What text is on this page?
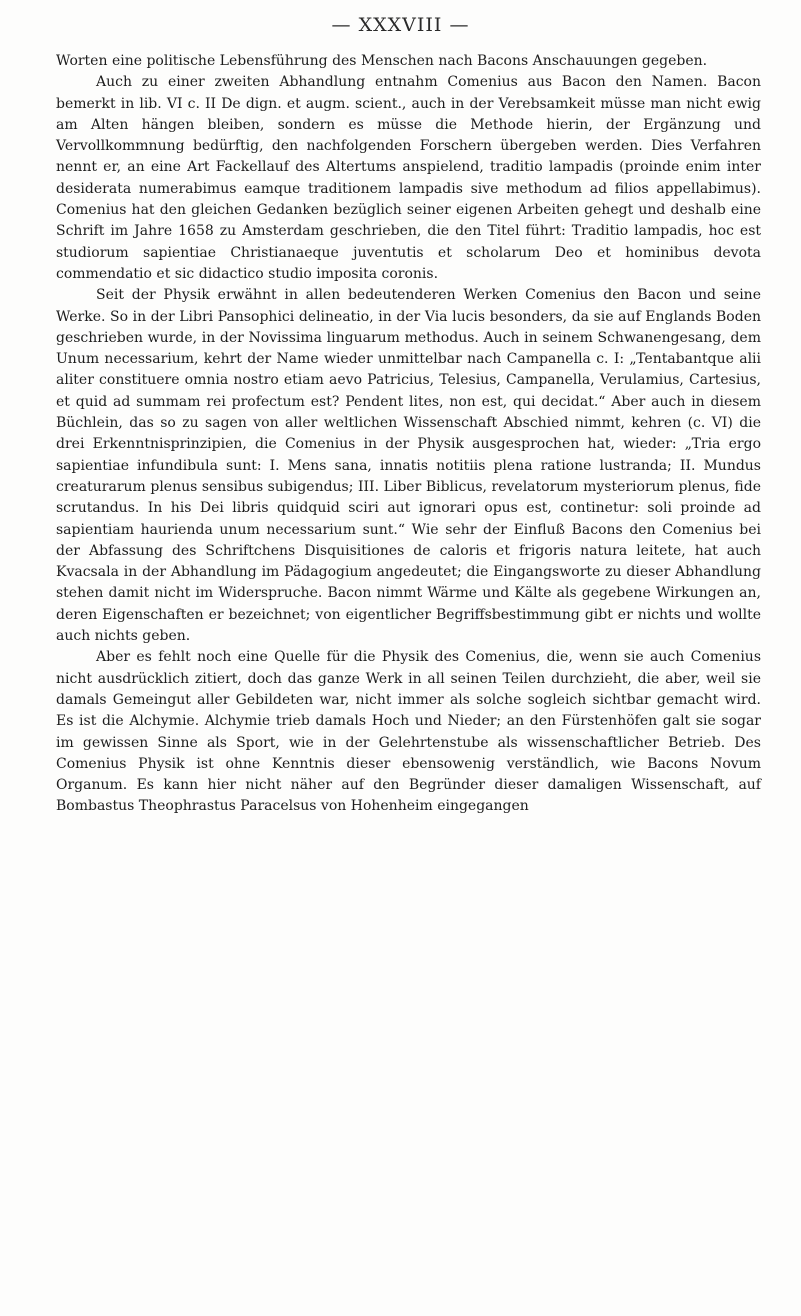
— XXXVIII —

Worten eine politische Lebensführung des Menschen nach Bacons Anschauungen gegeben.

Auch zu einer zweiten Abhandlung entnahm Comenius aus Bacon den Namen. Bacon bemerkt in lib. VI c. II De dign. et augm. scient., auch in der Verebsamkeit müsse man nicht ewig am Alten hängen bleiben, sondern es müsse die Methode hierin, der Ergänzung und Vervollkommnung bedürftig, den nachfolgenden Forschern übergeben werden. Dies Verfahren nennt er, an eine Art Fackellauf des Altertums anspielend, traditio lampadis (proinde enim inter desiderata numerabimus eamque traditionem lampadis sive methodum ad filios appellabimus). Comenius hat den gleichen Gedanken bezüglich seiner eigenen Arbeiten gehegt und deshalb eine Schrift im Jahre 1658 zu Amsterdam geschrieben, die den Titel führt: Traditio lampadis, hoc est studiorum sapientiae Christianaeque juventutis et scholarum Deo et hominibus devota commendatio et sic didactico studio imposita coronis.

Seit der Physik erwähnt in allen bedeutenderen Werken Comenius den Bacon und seine Werke. So in der Libri Pansophici delineatio, in der Via lucis besonders, da sie auf Englands Boden geschrieben wurde, in der Novissima linguarum methodus. Auch in seinem Schwanengesang, dem Unum necessarium, kehrt der Name wieder unmittelbar nach Campanella c. I: „Tentabantque alii aliter constituere omnia nostro etiam aevo Patricius, Telesius, Campanella, Verulamius, Cartesius, et quid ad summam rei profectum est? Pendent lites, non est, qui decidat.“ Aber auch in diesem Büchlein, das so zu sagen von aller weltlichen Wissenschaft Abschied nimmt, kehren (c. VI) die drei Erkenntnisprinzipien, die Comenius in der Physik ausgesprochen hat, wieder: „Tria ergo sapientiae infundibula sunt: I. Mens sana, innatis notitiis plena ratione lustranda; II. Mundus creaturarum plenus sensibus subigendus; III. Liber Biblicus, revelatorum mysteriorum plenus, fide scrutandus. In his Dei libris quidquid sciri aut ignorari opus est, continetur: soli proinde ad sapientiam haurienda unum necessarium sunt.“ Wie sehr der Einfluß Bacons den Comenius bei der Abfassung des Schriftchens Disquisitiones de caloris et frigoris natura leitete, hat auch Kvacsala in der Abhandlung im Pädagogium angedeutet; die Eingangsworte zu dieser Abhandlung stehen damit nicht im Widerspruche. Bacon nimmt Wärme und Kälte als gegebene Wirkungen an, deren Eigenschaften er bezeichnet; von eigentlicher Begriffsbestimmung gibt er nichts und wollte auch nichts geben.

Aber es fehlt noch eine Quelle für die Physik des Comenius, die, wenn sie auch Comenius nicht ausdrücklich zitiert, doch das ganze Werk in all seinen Teilen durchzieht, die aber, weil sie damals Gemeingut aller Gebildeten war, nicht immer als solche sogleich sichtbar gemacht wird. Es ist die Alchymie. Alchymie trieb damals Hoch und Nieder; an den Fürstenhöfen galt sie sogar im gewissen Sinne als Sport, wie in der Gelehrtenstube als wissenschaftlicher Betrieb. Des Comenius Physik ist ohne Kenntnis dieser ebensowenig verständlich, wie Bacons Novum Organum. Es kann hier nicht näher auf den Begründer dieser damaligen Wissenschaft, auf Bombastus Theophrastus Paracelsus von Hohenheim eingegangen
